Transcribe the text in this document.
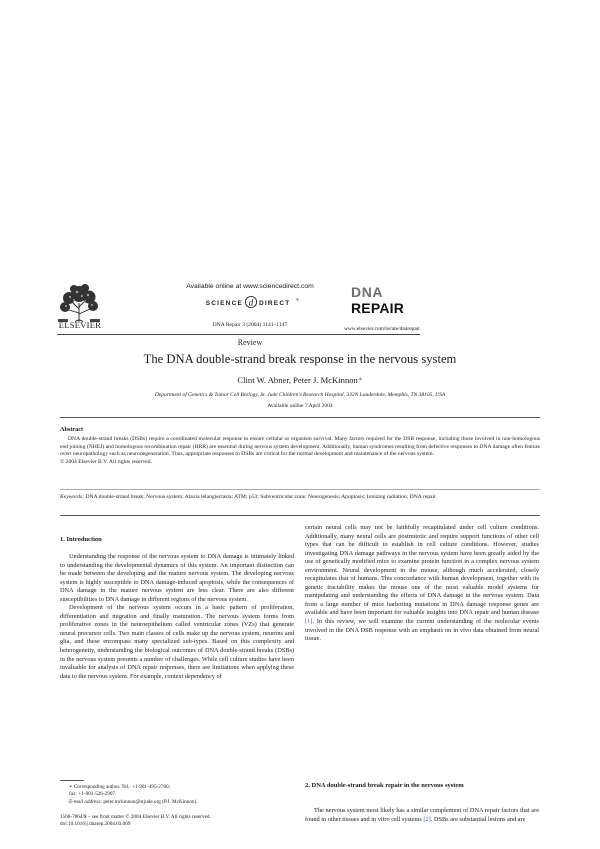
ELSEVIER
Available online at www.sciencedirect.com
SCIENCE d DIRECT
®
DNA Repair 3 (2004) 1141–1147
DNA
REPAIR
www.elsevier.com/locate/dnarepair
Review
The DNA double-strand break response in the nervous system
Clint W. Abner, Peter J. McKinnon∗
Department of Genetics & Tumor Cell Biology, St. Jude Children's Research Hospital, 332N Lauderdale, Memphis, TN 38105, USA
Available online 7 April 2004
Abstract

DNA double-strand breaks (DSBs) require a coordinated molecular response to ensure cellular or organism survival. Many factors required for the DSB response, including those involved in non-homologous end joining (NHEJ) and homologous recombination repair (HRR) are essential during nervous system development. Additionally, human syndromes resulting from defective responses to DNA damage often feature overt neuropathology such as neurodegeneration. Thus, appropriate responses to DSBs are critical for the normal development and maintenance of the nervous system.

© 2004 Elsevier B.V. All rights reserved.
Keywords: DNA double-strand break; Nervous system; Ataxia telangiectasia; ATM; p53; Subventricular zone; Neurogenesis; Apoptosis; Ionizing radiation; DNA repair
1. Introduction

Understanding the response of the nervous system to DNA damage is intimately linked to understanding the developmental dynamics of this system. An important distinction can be made between the developing and the mature nervous system. The developing nervous system is highly susceptible to DNA damage-induced apoptosis, while the consequences of DNA damage in the mature nervous system are less clear. There are also different susceptibilities to DNA damage in different regions of the nervous system.

Development of the nervous system occurs in a basic pattern of proliferation, differentiation and migration and finally maturation. The nervous system forms from proliferative zones in the neuroepithelium called ventricular zones (VZs) that generate neural precursor cells. Two main classes of cells make up the nervous system, neurons and glia, and these encompass many specialized sub-types. Based on this complexity and heterogeneity, understanding the biological outcomes of DNA double-strand breaks (DSBs) in the nervous system presents a number of challenges. While cell culture studies have been invaluable for analysis of DNA repair responses, there are limitations when applying these data to the nervous system. For example, context dependency of

∗ Corresponding author. Tel.: +1-901-495-2700;
fax: +1-901-526-2907.
E-mail address: peter.mckinnon@stjude.org (P.J. McKinnon).
1568-7864/$ – see front matter © 2004 Elsevier B.V. All rights reserved.
doi:10.1016/j.dnarep.2004.03.009

certain neural cells may not be faithfully recapitulated under cell culture conditions. Additionally, many neural cells are postmitotic and require support functions of other cell types that can be difficult to establish in cell culture conditions. However, studies investigating DNA damage pathways in the nervous system have been greatly aided by the use of genetically modified mice to examine protein function in a complex nervous system environment. Neural development in the mouse, although much accelerated, closely recapitulates that of humans. This concordance with human development, together with its genetic tractability makes the mouse one of the most valuable model systems for manipulating and understanding the effects of DNA damage in the nervous system. Data from a large number of mice harboring mutations in DNA damage response genes are available and have been important for valuable insights into DNA repair and human disease [1]. In this review, we will examine the current understanding of the molecular events involved in the DNA DSB response with an emphasis on in vivo data obtained from neural tissue.

2. DNA double-strand break repair in the nervous system

The nervous system most likely has a similar complement of DNA repair factors that are found in other tissues and in vitro cell systems [2]. DSBs are substantial lesions and are
